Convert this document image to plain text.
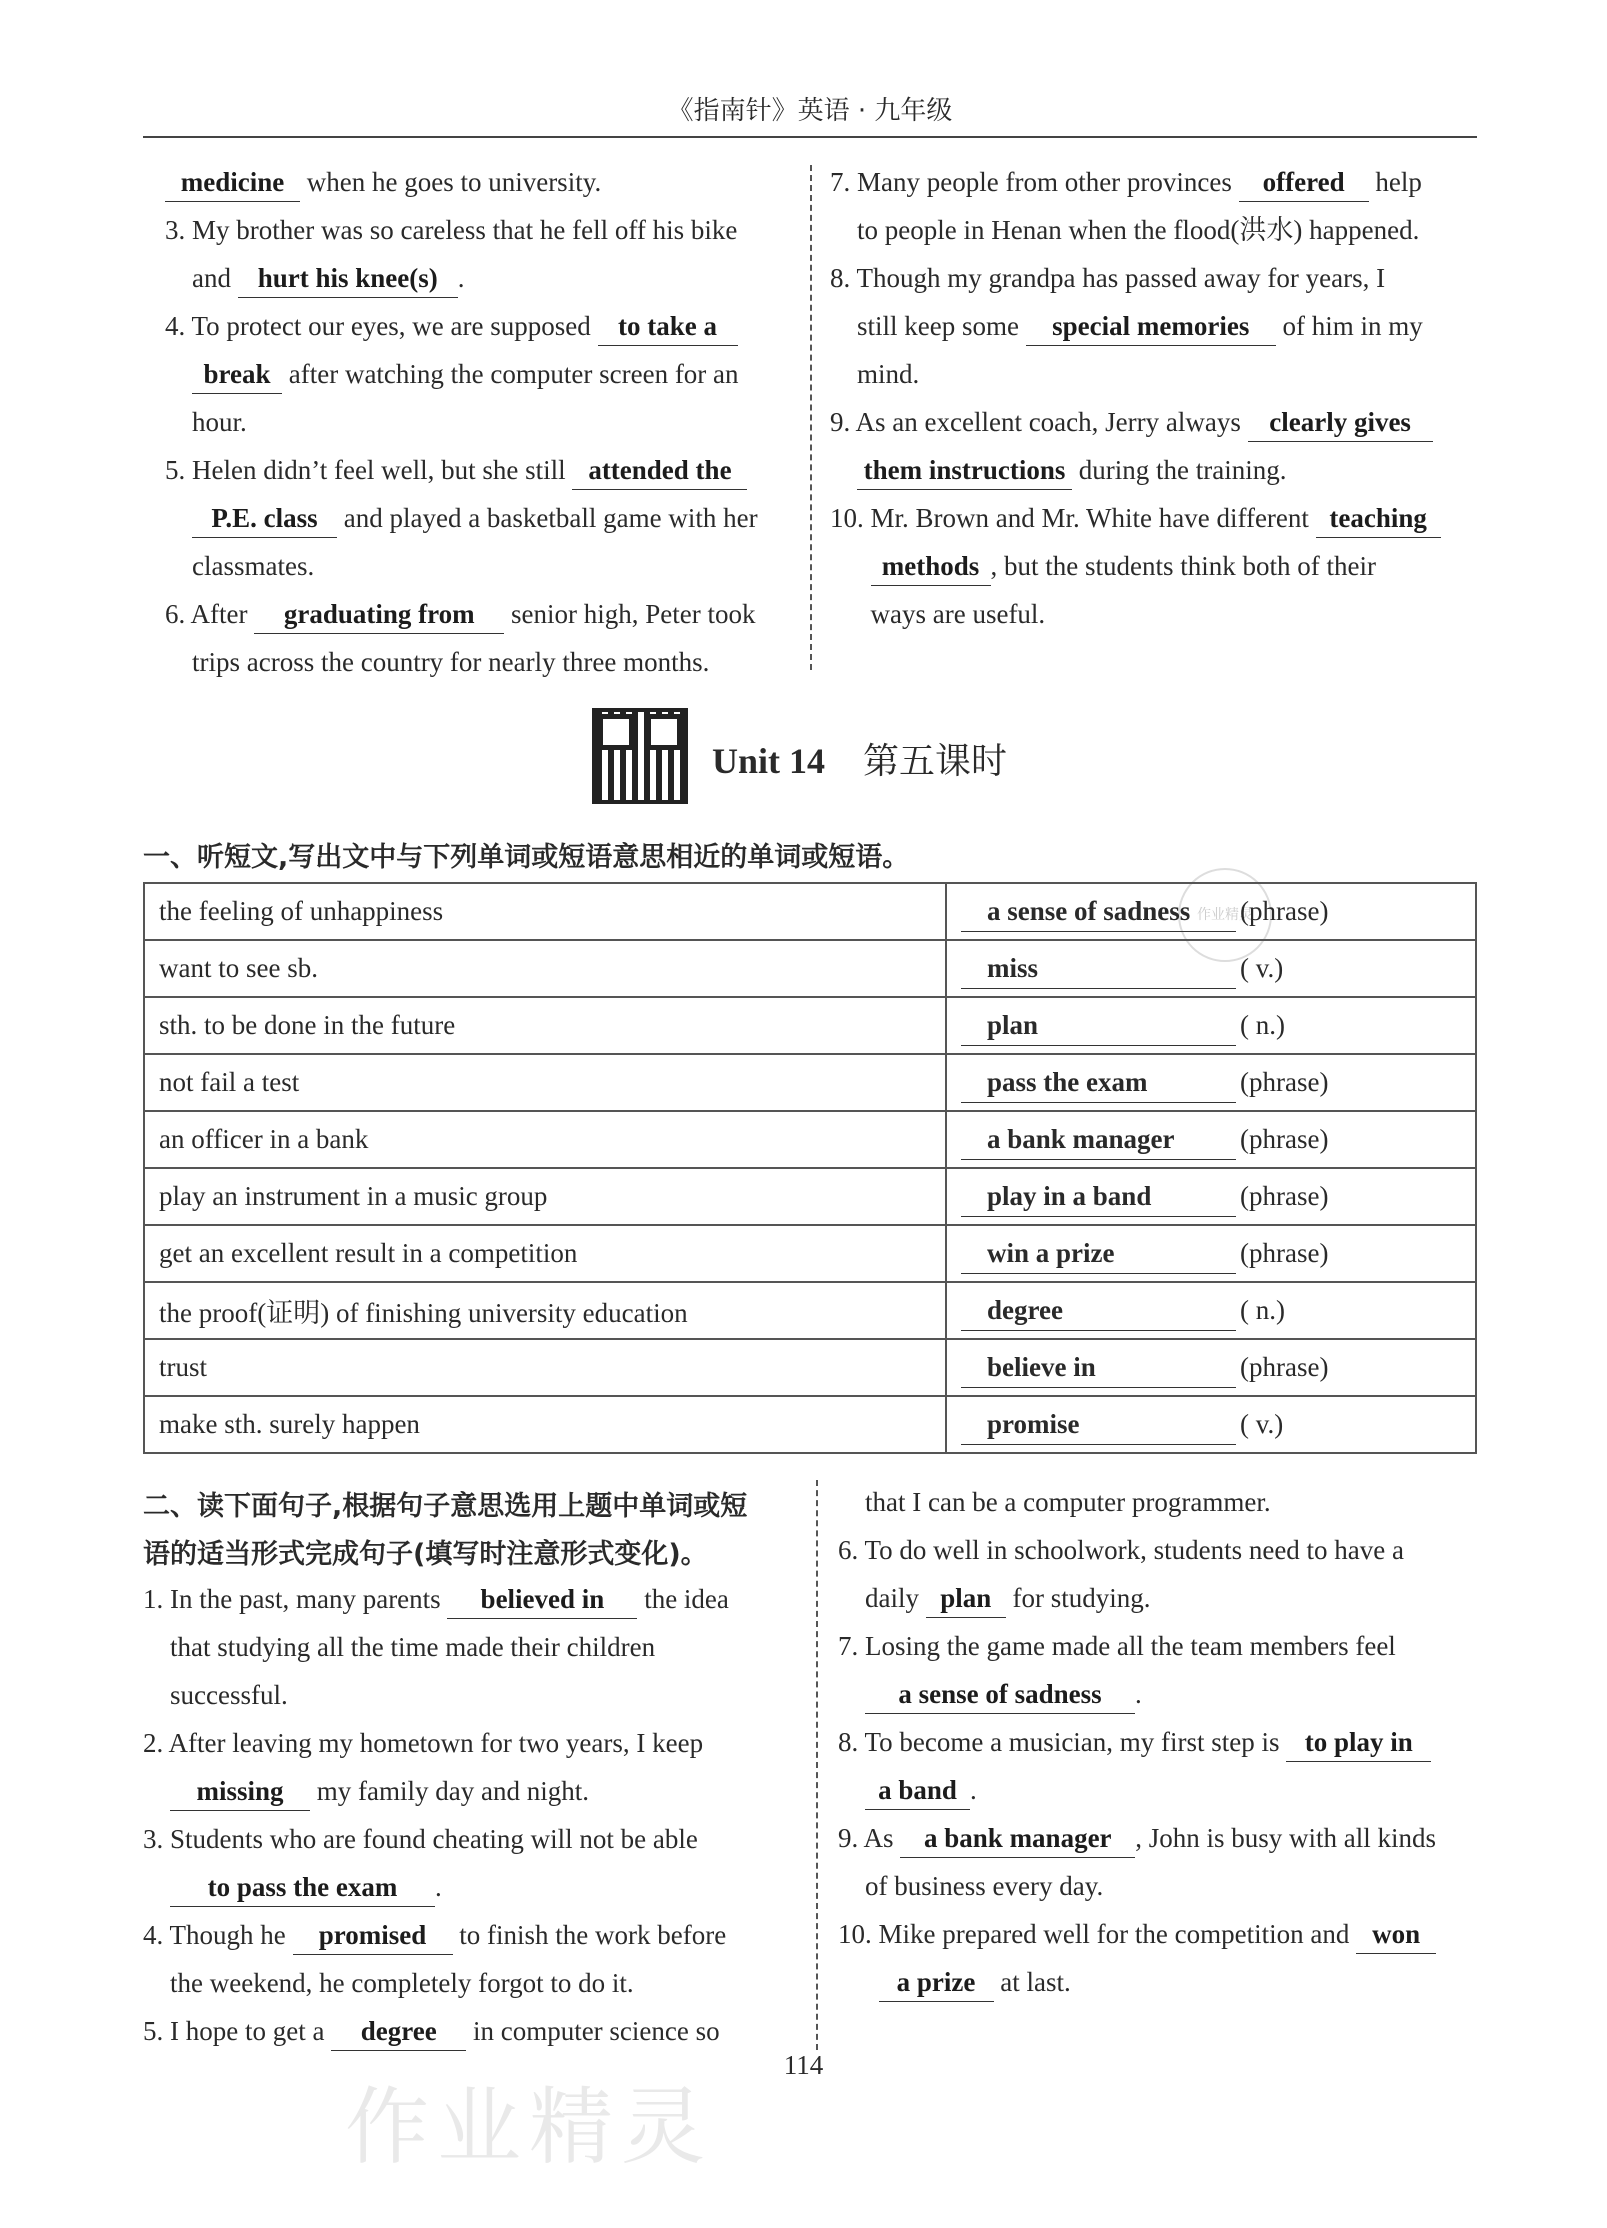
《指南针》英语 · 九年级
medicine when he goes to university.
3. My brother was so careless that he fell off his bike
and hurt his knee(s) .
4. To protect our eyes, we are supposed to take a
break after watching the computer screen for an
hour.
5. Helen didn’t feel well, but she still attended the
P.E. class and played a basketball game with her
classmates.
6. After graduating from senior high, Peter took
trips across the country for nearly three months.
7. Many people from other provinces offered help
to people in Henan when the flood(洪水) happened.
8. Though my grandpa has passed away for years, I
still keep some special memories of him in my
mind.
9. As an excellent coach, Jerry always clearly gives
them instructions during the training.
10. Mr. Brown and Mr. White have different teaching
methods , but the students think both of their
ways are useful.
Unit 14 第五课时
一、听短文,写出文中与下列单词或短语意思相近的单词或短语。
作业精灵
the feeling of unhappiness	a sense of sadness (phrase)
want to see sb.	miss ( v.)
sth. to be done in the future	plan ( n.)
not fail a test	pass the exam (phrase)
an officer in a bank	a bank manager (phrase)
play an instrument in a music group	play in a band (phrase)
get an excellent result in a competition	win a prize (phrase)
the proof(证明) of finishing university education	degree ( n.)
trust	believe in (phrase)
make sth. surely happen	promise ( v.)
二、读下面句子,根据句子意思选用上题中单词或短
语的适当形式完成句子(填写时注意形式变化)。
1. In the past, many parents believed in the idea
that studying all the time made their children
successful.
2. After leaving my hometown for two years, I keep
missing my family day and night.
3. Students who are found cheating will not be able
to pass the exam .
4. Though he promised to finish the work before
the weekend, he completely forgot to do it.
5. I hope to get a degree in computer science so
that I can be a computer programmer.
6. To do well in schoolwork, students need to have a
daily plan for studying.
7. Losing the game made all the team members feel
a sense of sadness .
8. To become a musician, my first step is to play in
a band .
9. As a bank manager , John is busy with all kinds
of business every day.
10. Mike prepared well for the competition and won
a prize at last.
114
作业精灵
